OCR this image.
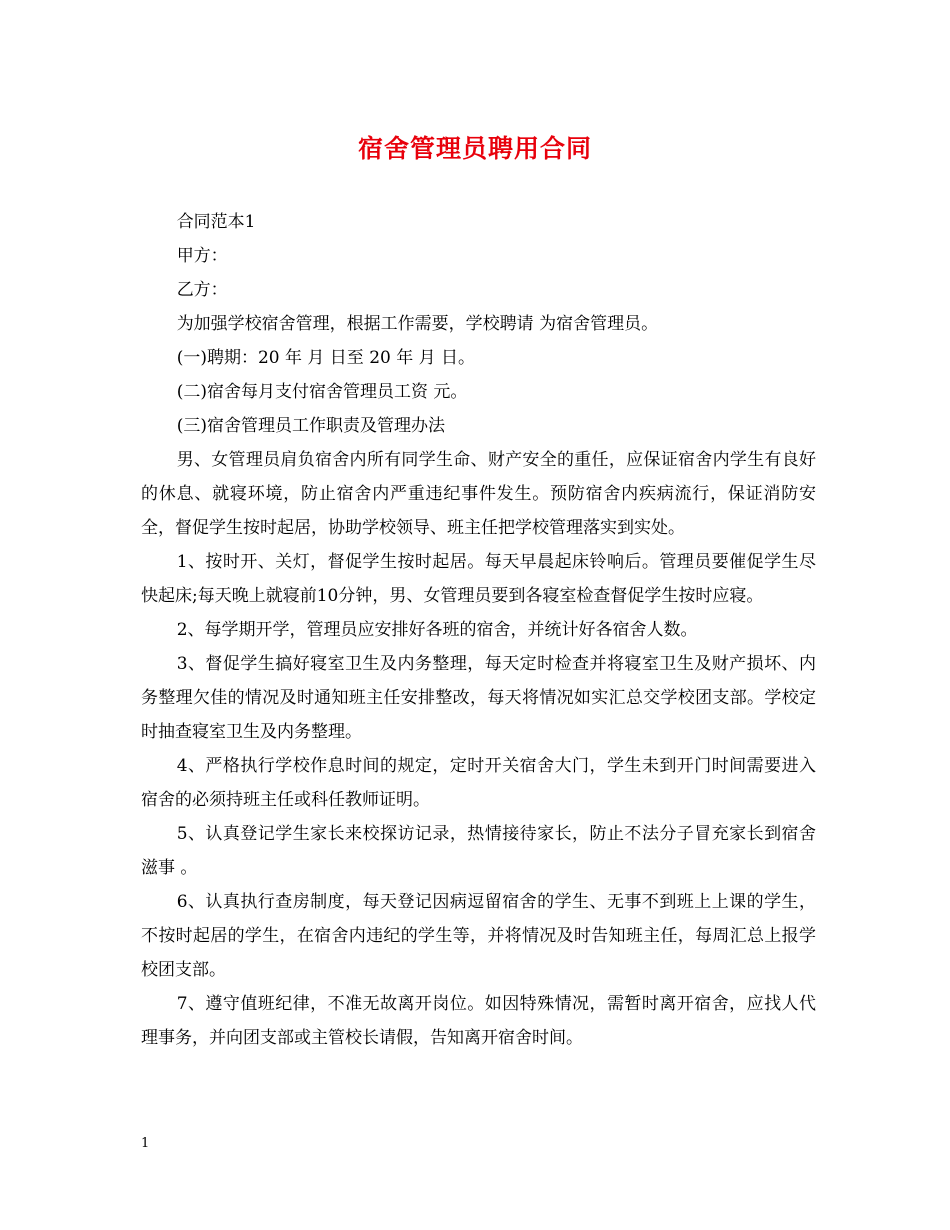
宿舍管理员聘用合同

合同范本1

甲方：

乙方：

为加强学校宿舍管理，根据工作需要，学校聘请 为宿舍管理员。

(一)聘期：20 年 月 日至 20 年 月 日。

(二)宿舍每月支付宿舍管理员工资 元。

(三)宿舍管理员工作职责及管理办法

男、女管理员肩负宿舍内所有同学生命、财产安全的重任，应保证宿舍内学生有良好的休息、就寝环境，防止宿舍内严重违纪事件发生。预防宿舍内疾病流行，保证消防安全，督促学生按时起居，协助学校领导、班主任把学校管理落实到实处。

1、按时开、关灯，督促学生按时起居。每天早晨起床铃响后。管理员要催促学生尽快起床;每天晚上就寝前10分钟，男、女管理员要到各寝室检查督促学生按时应寝。

2、每学期开学，管理员应安排好各班的宿舍，并统计好各宿舍人数。

3、督促学生搞好寝室卫生及内务整理，每天定时检查并将寝室卫生及财产损坏、内务整理欠佳的情况及时通知班主任安排整改，每天将情况如实汇总交学校团支部。学校定时抽查寝室卫生及内务整理。

4、严格执行学校作息时间的规定，定时开关宿舍大门，学生未到开门时间需要进入宿舍的必须持班主任或科任教师证明。

5、认真登记学生家长来校探访记录，热情接待家长，防止不法分子冒充家长到宿舍滋事 。

6、认真执行查房制度，每天登记因病逗留宿舍的学生、无事不到班上上课的学生，不按时起居的学生，在宿舍内违纪的学生等，并将情况及时告知班主任，每周汇总上报学校团支部。

7、遵守值班纪律，不准无故离开岗位。如因特殊情况，需暂时离开宿舍，应找人代理事务，并向团支部或主管校长请假，告知离开宿舍时间。

1
